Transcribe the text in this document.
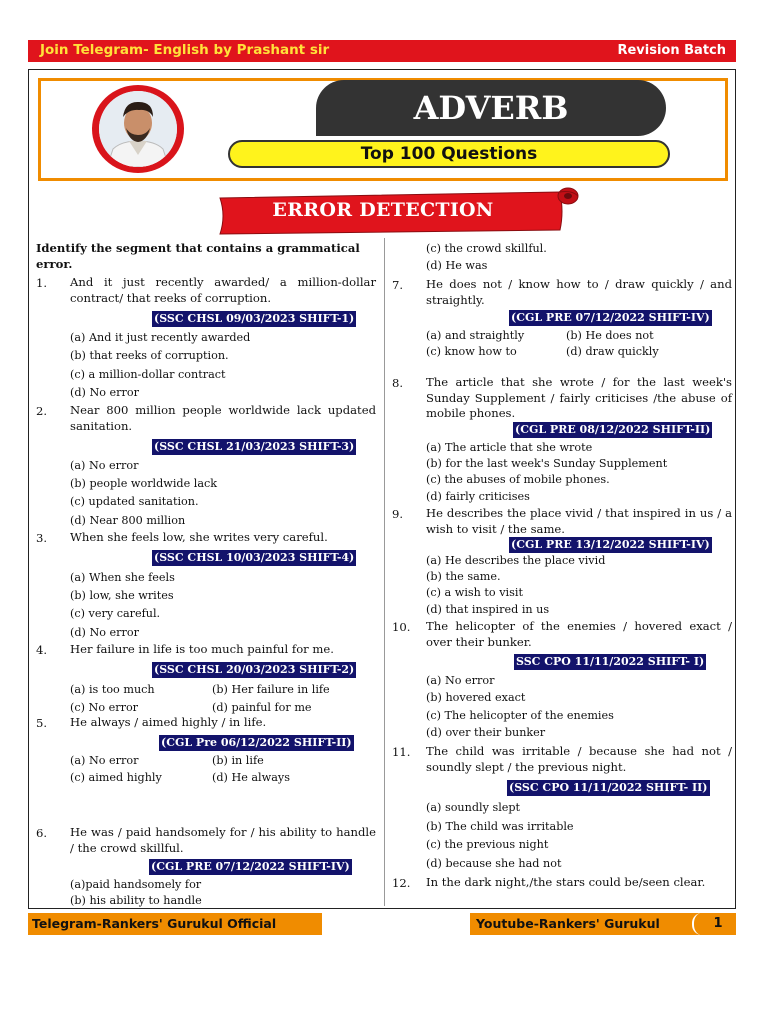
Join Telegram- English by Prashant sir	Revision Batch
ADVERB
Top 100 Questions
ERROR DETECTION
Identify the segment that contains a grammatical error.
1. And it just recently awarded/ a million-dollar contract/ that reeks of corruption.
(SSC CHSL 09/03/2023 SHIFT-1)
(a) And it just recently awarded
(b) that reeks of corruption.
(c) a million-dollar contract
(d) No error
2. Near 800 million people worldwide lack updated sanitation.
(SSC CHSL 21/03/2023 SHIFT-3)
(a) No error
(b) people worldwide lack
(c) updated sanitation.
(d) Near 800 million
3. When she feels low, she writes very careful.
(SSC CHSL 10/03/2023 SHIFT-4)
(a) When she feels
(b) low, she writes
(c) very careful.
(d) No error
4. Her failure in life is too much painful for me.
(SSC CHSL 20/03/2023 SHIFT-2)
(a) is too much	(b) Her failure in life
(c) No error	(d) painful for me
5. He always / aimed highly / in life.
(CGL Pre 06/12/2022 SHIFT-II)
(a) No error	(b) in life
(c) aimed highly	(d) He always
6. He was / paid handsomely for / his ability to handle / the crowd skillful.
(CGL PRE 07/12/2022 SHIFT-IV)
(a)paid handsomely for
(b) his ability to handle
(c) the crowd skillful.
(d) He was
7. He does not / know how to / draw quickly / and straightly.
(CGL PRE 07/12/2022 SHIFT-IV)
(a) and straightly	(b) He does not
(c) know how to	(d) draw quickly
8. The article that she wrote / for the last week's Sunday Supplement / fairly criticises /the abuse of mobile phones.
(CGL PRE 08/12/2022 SHIFT-II)
(a) The article that she wrote
(b) for the last week's Sunday Supplement
(c) the abuses of mobile phones.
(d) fairly criticises
9. He describes the place vivid / that inspired in us / a wish to visit / the same.
(CGL PRE 13/12/2022 SHIFT-IV)
(a) He describes the place vivid
(b) the same.
(c) a wish to visit
(d) that inspired in us
10. The helicopter of the enemies / hovered exact / over their bunker.
SSC CPO 11/11/2022 SHIFT- I)
(a) No error
(b) hovered exact
(c) The helicopter of the enemies
(d) over their bunker
11. The child was irritable / because she had not / soundly slept / the previous night.
(SSC CPO 11/11/2022 SHIFT- II)
(a) soundly slept
(b) The child was irritable
(c) the previous night
(d) because she had not
12. In the dark night,/the stars could be/seen clear.
Telegram-Rankers' Gurukul Official	Youtube-Rankers' Gurukul	1
